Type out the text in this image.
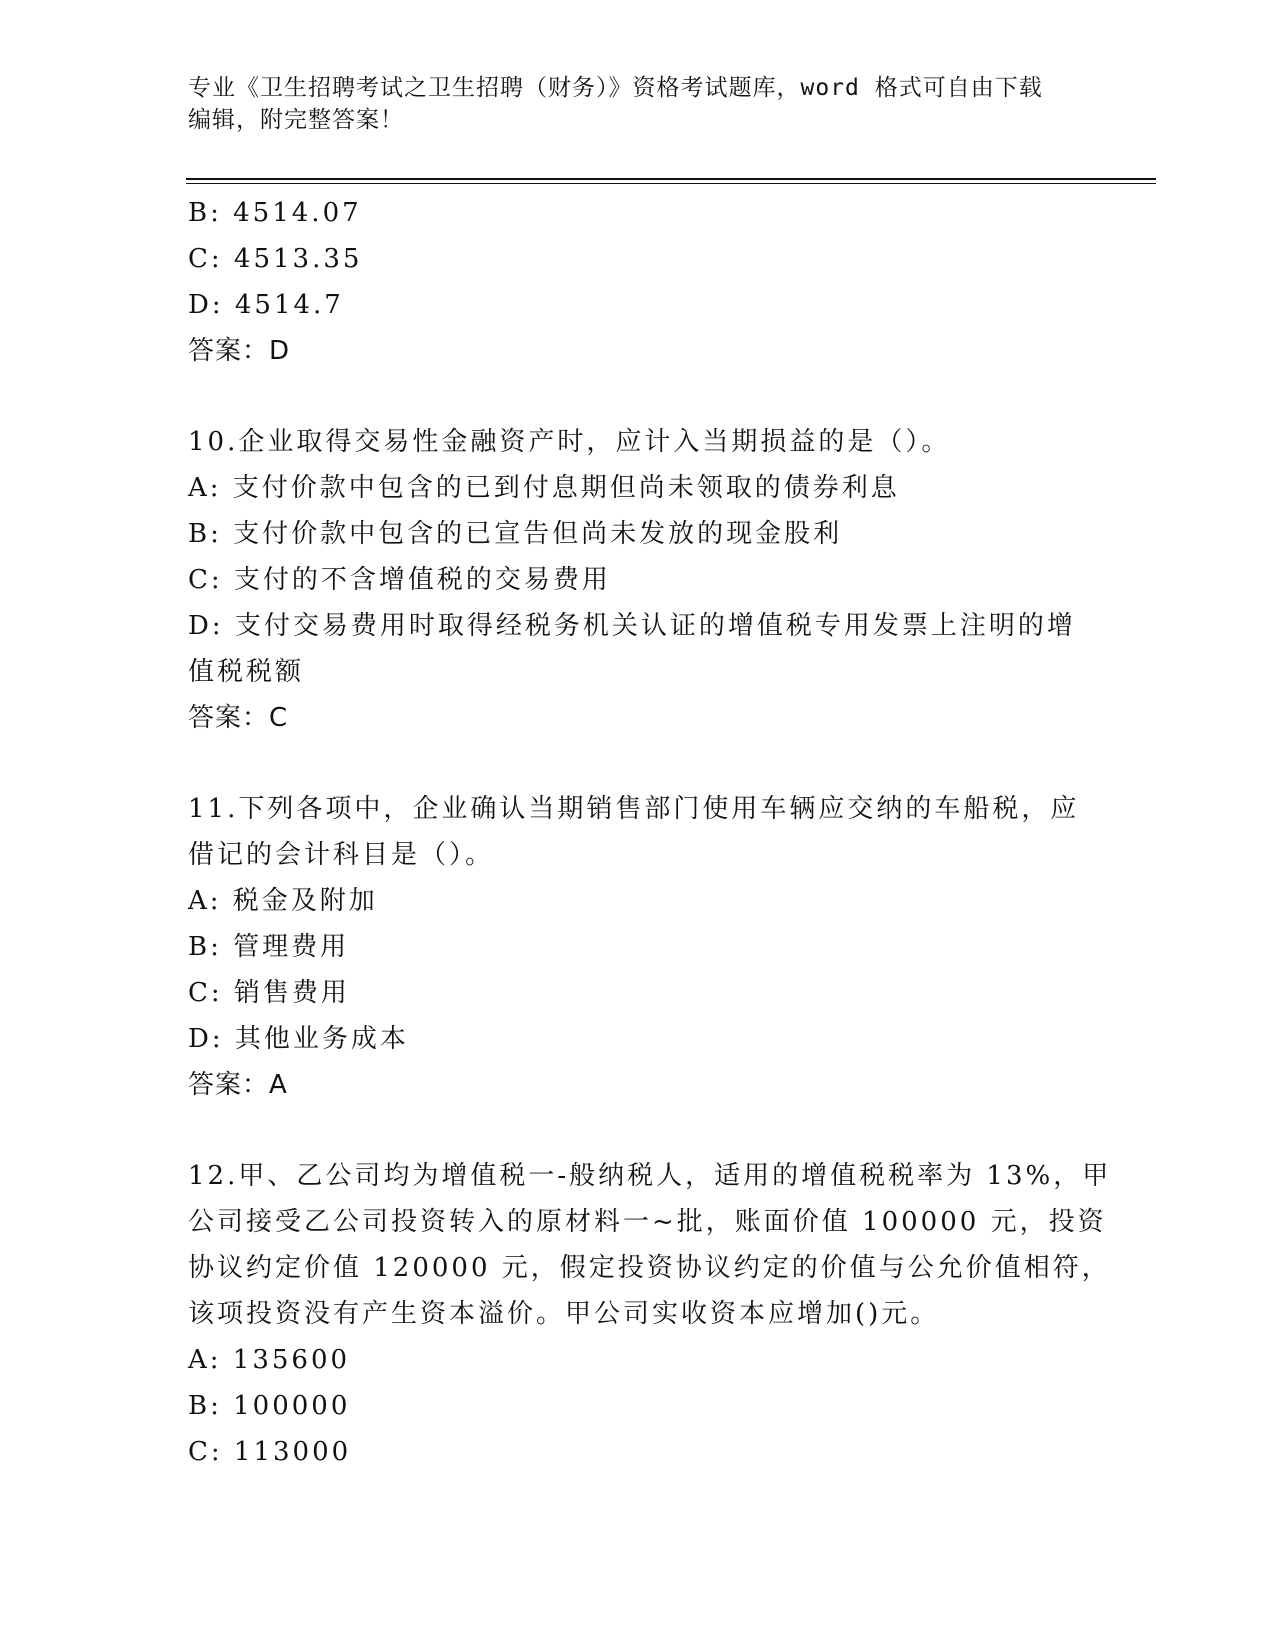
专业《卫生招聘考试之卫生招聘（财务）》资格考试题库，word 格式可自由下载
编辑，附完整答案！
B: 4514.07
C: 4513.35
D: 4514.7
答案：D
10.企业取得交易性金融资产时，应计入当期损益的是（）。
A: 支付价款中包含的已到付息期但尚未领取的债券利息
B: 支付价款中包含的已宣告但尚未发放的现金股利
C: 支付的不含增值税的交易费用
D: 支付交易费用时取得经税务机关认证的增值税专用发票上注明的增
值税税额
答案：C
11.下列各项中，企业确认当期销售部门使用车辆应交纳的车船税，应
借记的会计科目是（）。
A: 税金及附加
B: 管理费用
C: 销售费用
D: 其他业务成本
答案：A
12.甲、乙公司均为增值税一-般纳税人，适用的增值税税率为 13%，甲
公司接受乙公司投资转入的原材料一~批，账面价值 100000 元，投资
协议约定价值 120000 元，假定投资协议约定的价值与公允价值相符，
该项投资没有产生资本溢价。甲公司实收资本应增加()元。
A: 135600
B: 100000
C: 113000
